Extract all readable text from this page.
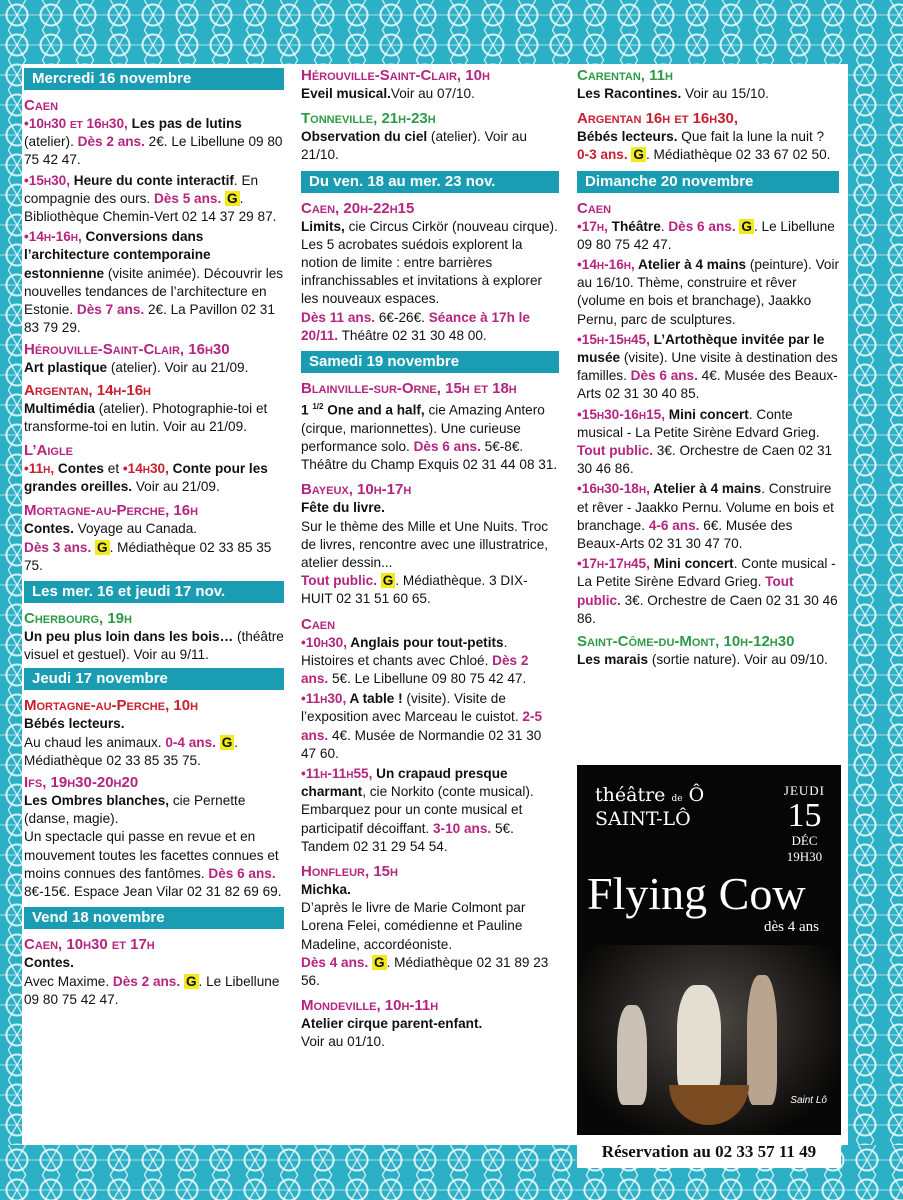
Mercredi 16 novembre
Caen
•10h30 et 16h30, Les pas de lutins (atelier). Dès 2 ans. 2€. Le Libellune 09 80 75 42 47.
•15h30, Heure du conte interactif. En compagnie des ours. Dès 5 ans. G . Bibliothèque Chemin-Vert 02 14 37 29 87.
•14h-16h, Conversions dans l’architecture contemporaine estonnienne (visite animée). Découvrir les nouvelles tendances de l’architecture en Estonie. Dès 7 ans. 2€. La Pavillon 02 31 83 79 29.
Hérouville-Saint-Clair, 16h30
Art plastique (atelier). Voir au 21/09.
Argentan, 14h-16h
Multimédia (atelier). Photographie-toi et transforme-toi en lutin. Voir au 21/09.
L’Aigle
•11h, Contes et •14h30, Conte pour les grandes oreilles. Voir au 21/09.
Mortagne-au-Perche, 16h
Contes. Voyage au Canada.
Dès 3 ans. G . Médiathèque 02 33 85 35 75.
Les mer. 16 et jeudi 17 nov.
Cherbourg, 19h
Un peu plus loin dans les bois… (théâtre visuel et gestuel). Voir au 9/11.
Jeudi 17 novembre
Mortagne-au-Perche, 10h
Bébés lecteurs.
Au chaud les animaux. 0-4 ans. G . Médiathèque 02 33 85 35 75.
Ifs, 19h30-20h20
Les Ombres blanches, cie Pernette (danse, magie).
Un spectacle qui passe en revue et en mouvement toutes les facettes connues et moins connues des fantômes. Dès 6 ans. 8€-15€. Espace Jean Vilar 02 31 82 69 69.
Vend 18 novembre
Caen, 10h30 et 17h
Contes.
Avec Maxime. Dès 2 ans. G . Le Libellune 09 80 75 42 47.
Hérouville-Saint-Clair, 10h
Eveil musical.Voir au 07/10.
Tonneville, 21h-23h
Observation du ciel (atelier). Voir au 21/10.
Du ven. 18 au mer. 23 nov.
Caen, 20h-22h15
Limits, cie Circus Cirkör (nouveau cirque).
Les 5 acrobates suédois explorent la notion de limite : entre barrières infranchissables et invitations à explorer les nouveaux espaces.
Dès 11 ans. 6€-26€. Séance à 17h le 20/11. Théâtre 02 31 30 48 00.
Samedi 19 novembre
Blainville-sur-Orne, 15h et 18h
1 $^{1/2}$ One and a half, cie Amazing Antero (cirque, marionnettes). Une curieuse performance solo. Dès 6 ans. 5€-8€. Théâtre du Champ Exquis 02 31 44 08 31.
Bayeux, 10h-17h
Fête du livre.
Sur le thème des Mille et Une Nuits. Troc de livres, rencontre avec une illustratrice, atelier dessin...
Tout public. G . Médiathèque. 3 DIX-HUIT 02 31 51 60 65.
Caen
•10h30, Anglais pour tout-petits. Histoires et chants avec Chloé. Dès 2 ans. 5€. Le Libellune 09 80 75 42 47.
•11h30, A table ! (visite). Visite de l’exposition avec Marceau le cuistot. 2-5 ans. 4€. Musée de Normandie 02 31 30 47 60.
•11h-11h55, Un crapaud presque charmant, cie Norkito (conte musical). Embarquez pour un conte musical et participatif décoiffant. 3-10 ans. 5€. Tandem 02 31 29 54 54.
Honfleur, 15h
Michka.
D’après le livre de Marie Colmont par Lorena Felei, comédienne et Pauline Madeline, accordéoniste.
Dès 4 ans. G . Médiathèque 02 31 89 23 56.
Mondeville, 10h-11h
Atelier cirque parent-enfant.
Voir au 01/10.
Carentan, 11h
Les Racontines. Voir au 15/10.
Argentan 16h et 16h30,
Bébés lecteurs. Que fait la lune la nuit ? 0-3 ans. G . Médiathèque 02 33 67 02 50.
Dimanche 20 novembre
Caen
•17h, Théâtre. Dès 6 ans. G . Le Libellune 09 80 75 42 47.
•14h-16h, Atelier à 4 mains (peinture). Voir au 16/10. Thème, construire et rêver (volume en bois et branchage), Jaakko Pernu, parc de sculptures.
•15h-15h45, L’Artothèque invitée par le musée (visite). Une visite à destination des familles. Dès 6 ans. 4€. Musée des Beaux-Arts 02 31 30 40 85.
•15h30-16h15, Mini concert. Conte musical - La Petite Sirène Edvard Grieg. Tout public. 3€. Orchestre de Caen 02 31 30 46 86.
•16h30-18h, Atelier à 4 mains. Construire et rêver - Jaakko Pernu. Volume en bois et branchage. 4-6 ans. 6€. Musée des Beaux-Arts 02 31 30 47 70.
•17h-17h45, Mini concert. Conte musical - La Petite Sirène Edvard Grieg. Tout public. 3€. Orchestre de Caen 02 31 30 46 86.
Saint-Côme-du-Mont, 10h-12h30
Les marais (sortie nature). Voir au 09/10.
théâtre de Ô
SAINT-LÔ
JEUDI
15
DÉC
19H30
Flying Cow
dès 4 ans
Saint Lô
Réservation au 02 33 57 11 49
